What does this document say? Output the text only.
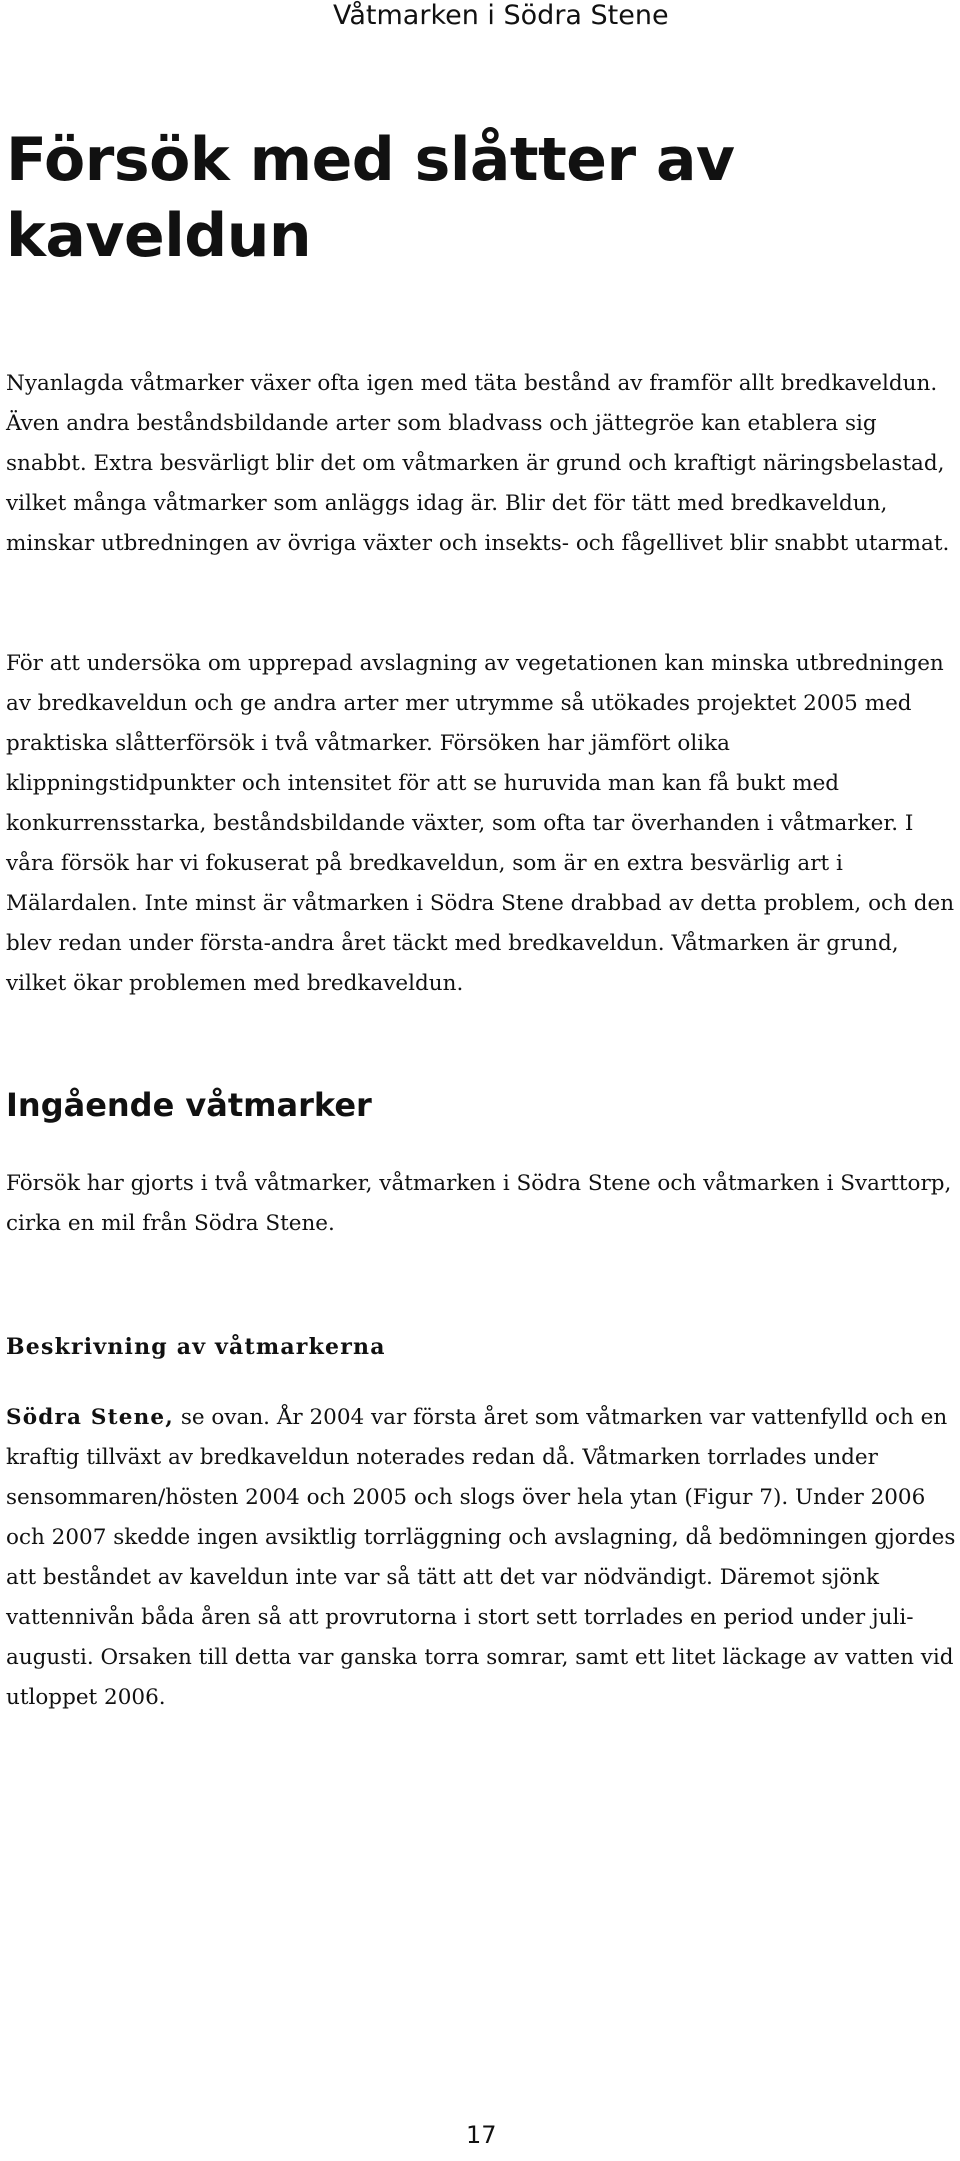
Våtmarken i Södra Stene
Försök med slåtter av kaveldun

Nyanlagda våtmarker växer ofta igen med täta bestånd av framför allt bredkaveldun. Även andra beståndsbildande arter som bladvass och jättegröe kan etablera sig snabbt. Extra besvärligt blir det om våtmarken är grund och kraftigt näringsbelastad, vilket många våtmarker som anläggs idag är. Blir det för tätt med bredkaveldun, minskar utbredningen av övriga växter och insekts- och fågellivet blir snabbt utarmat.

För att undersöka om upprepad avslagning av vegetationen kan minska utbredningen av bredkaveldun och ge andra arter mer utrymme så utökades projektet 2005 med praktiska slåtterförsök i två våtmarker. Försöken har jämfört olika klippningstidpunkter och intensitet för att se huruvida man kan få bukt med konkurrensstarka, beståndsbildande växter, som ofta tar överhanden i våtmarker. I våra försök har vi fokuserat på bredkaveldun, som är en extra besvärlig art i Mälardalen. Inte minst är våtmarken i Södra Stene drabbad av detta problem, och den blev redan under första-andra året täckt med bredkaveldun. Våtmarken är grund, vilket ökar problemen med bredkaveldun.

Ingående våtmarker

Försök har gjorts i två våtmarker, våtmarken i Södra Stene och våtmarken i Svarttorp, cirka en mil från Södra Stene.

Beskrivning av våtmarkerna

Södra Stene, se ovan. År 2004 var första året som våtmarken var vattenfylld och en kraftig tillväxt av bredkaveldun noterades redan då. Våtmarken torrlades under sensommaren/hösten 2004 och 2005 och slogs över hela ytan (Figur 7). Under 2006 och 2007 skedde ingen avsiktlig torrläggning och avslagning, då bedömningen gjordes att beståndet av kaveldun inte var så tätt att det var nödvändigt. Däremot sjönk vattennivån båda åren så att provrutorna i stort sett torrlades en period under juli-augusti. Orsaken till detta var ganska torra somrar, samt ett litet läckage av vatten vid utloppet 2006.

17
